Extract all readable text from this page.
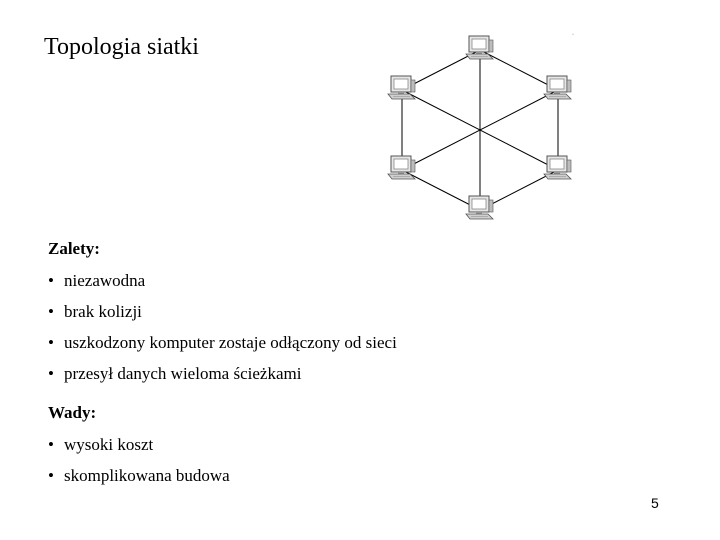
Topologia siatki	·
Zalety:
• niezawodna
• brak kolizji
• uszkodzony komputer zostaje odłączony od sieci
• przesył danych wieloma ścieżkami
Wady:
• wysoki koszt
• skomplikowana budowa
5
